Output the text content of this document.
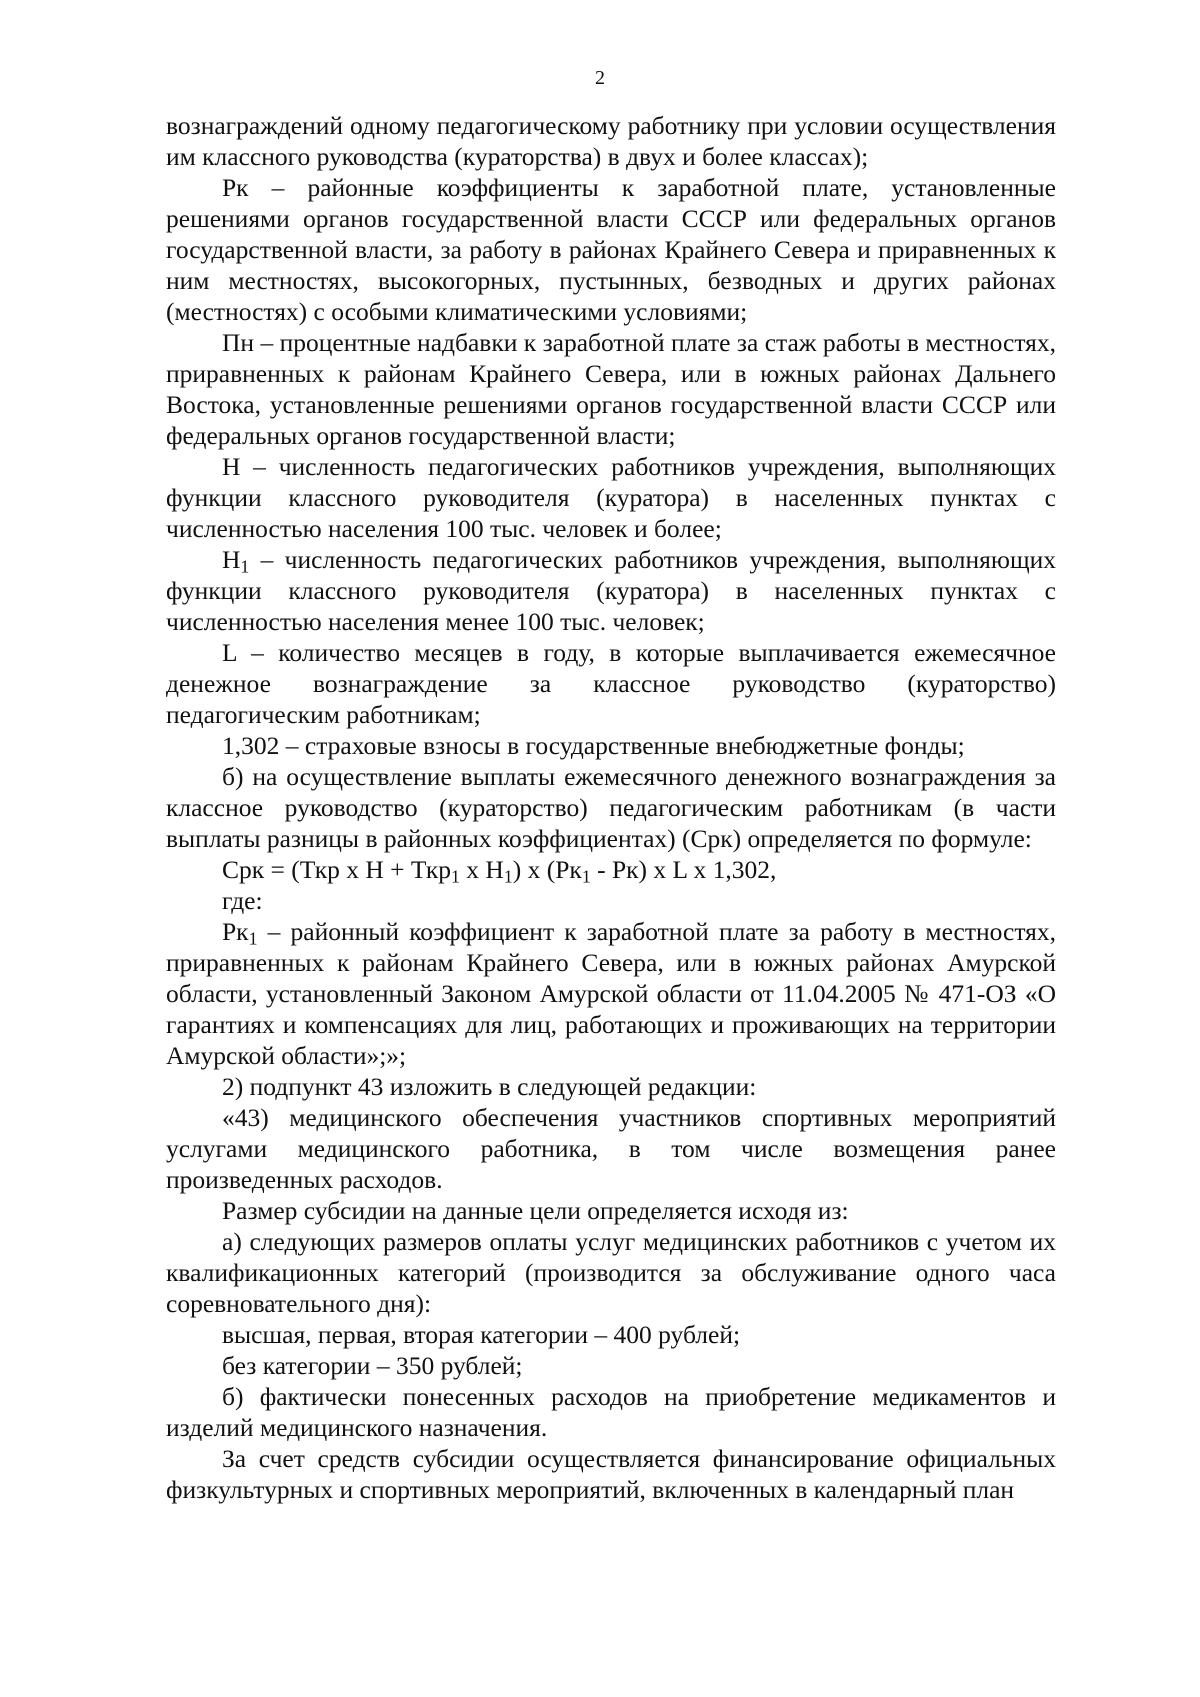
2

вознаграждений одному педагогическому работнику при условии осуществления им классного руководства (кураторства) в двух и более классах);

Рк – районные коэффициенты к заработной плате, установленные решениями органов государственной власти СССР или федеральных органов государственной власти, за работу в районах Крайнего Севера и приравненных к ним местностях, высокогорных, пустынных, безводных и других районах (местностях) с особыми климатическими условиями;

Пн – процентные надбавки к заработной плате за стаж работы в местностях, приравненных к районам Крайнего Севера, или в южных районах Дальнего Востока, установленные решениями органов государственной власти СССР или федеральных органов государственной власти;

Н – численность педагогических работников учреждения, выполняющих функции классного руководителя (куратора) в населенных пунктах с численностью населения 100 тыс. человек и более;

$Н_1$ – численность педагогических работников учреждения, выполняющих функции классного руководителя (куратора) в населенных пунктах с численностью населения менее 100 тыс. человек;

L – количество месяцев в году, в которые выплачивается ежемесячное денежное вознаграждение за классное руководство (кураторство) педагогическим работникам;

1,302 – страховые взносы в государственные внебюджетные фонды;

б) на осуществление выплаты ежемесячного денежного вознаграждения за классное руководство (кураторство) педагогическим работникам (в части выплаты разницы в районных коэффициентах) (Срк) определяется по формуле:

Срк = (Ткр х Н + Ткр$_1$ х $Н_1$) х $(Рк_1 - Рк)$ х L х 1,302,

где:

$Рк_1$ – районный коэффициент к заработной плате за работу в местностях, приравненных к районам Крайнего Севера, или в южных районах Амурской области, установленный Законом Амурской области от 11.04.2005 № 471-ОЗ «О гарантиях и компенсациях для лиц, работающих и проживающих на территории Амурской области»;»;

2) подпункт 43 изложить в следующей редакции:

«43) медицинского обеспечения участников спортивных мероприятий услугами медицинского работника, в том числе возмещения ранее произведенных расходов.

Размер субсидии на данные цели определяется исходя из:

а) следующих размеров оплаты услуг медицинских работников с учетом их квалификационных категорий (производится за обслуживание одного часа соревновательного дня):

высшая, первая, вторая категории – 400 рублей;

без категории – 350 рублей;

б) фактически понесенных расходов на приобретение медикаментов и изделий медицинского назначения.

За счет средств субсидии осуществляется финансирование официальных физкультурных и спортивных мероприятий, включенных в календарный план
